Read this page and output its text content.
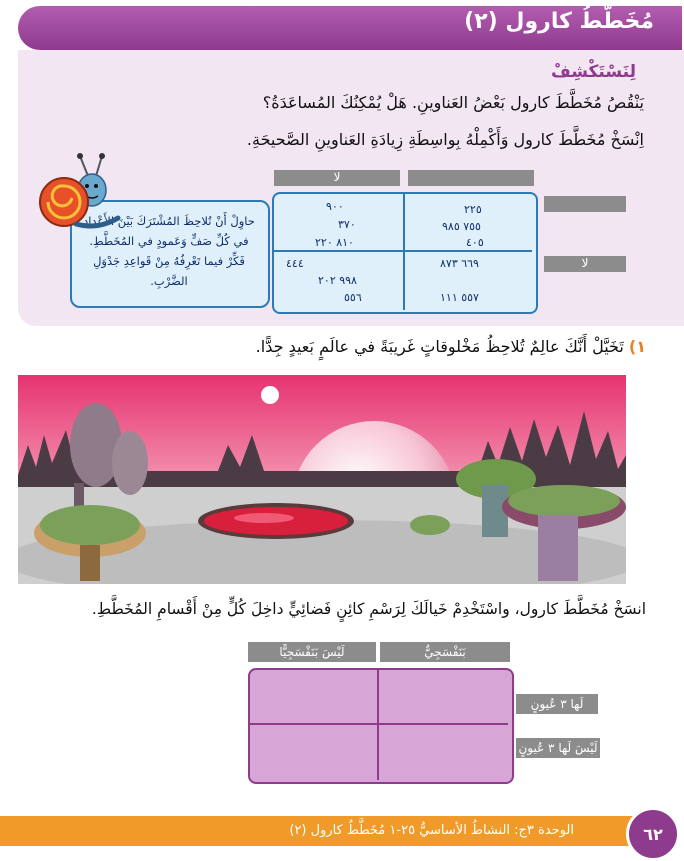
مُخَطَّطُ كارول (٢)
لِنَسْتَكْشِفْ
يَنْقُصُ مُخَطَّطَ كارول بَعْضُ العَناوينِ. هَلْ يُمْكِنُكَ المُساعَدَةُ؟
اِنْسَخْ مُخَطَّطَ كارول وَأَكْمِلْهُ بِواسِطَةِ زِيادَةِ العَناوينِ الصَّحيحَةِ.
لا
لا
٢٢٥
٧٥٥ ٩٨٥
٤٠٥
٩٠٠
٣٧٠
٨١٠ ٢٢٠
٦٦٩ ٨٧٣
٥٥٧ ١١١
٤٤٤
٩٩٨ ٢٠٢
٥٥٦
حاوِلْ أَنْ تُلاحِظَ المُشْتَرَكَ بَيْنَ الأَعْدادِ في كُلِّ صَفٍّ وَعَمودٍ في المُخَطَّطِ. فَكِّرْ فيما تَعْرِفُهُ مِنْ قَواعِدِ جَدْوَلِ الضَّرْبِ.
١) تَخَيَّلْ أَنَّكَ عالِمٌ تُلاحِظُ مَخْلوقاتٍ غَريبَةً في عالَمٍ بَعيدٍ جِدًّا.
انسَخْ مُخَطَّطَ كارول، واسْتَخْدِمْ خَيالَكَ لِرَسْمِ كائِنٍ فَضائِيٍّ داخِلَ كُلٍّ مِنْ أَقْسامِ المُخَطَّطِ.
بَنَفْسَجِيٌّ
لَيْسَ بَنَفْسَجِيًّا
لَها ٣ عُيونٍ
لَيْسَ لَها ٣ عُيونٍ
الوحدة ٣ج: النشاطُ الأساسيُّ ٢٥-١ مُخَطَّطُ كارول (٢)	٦٢
